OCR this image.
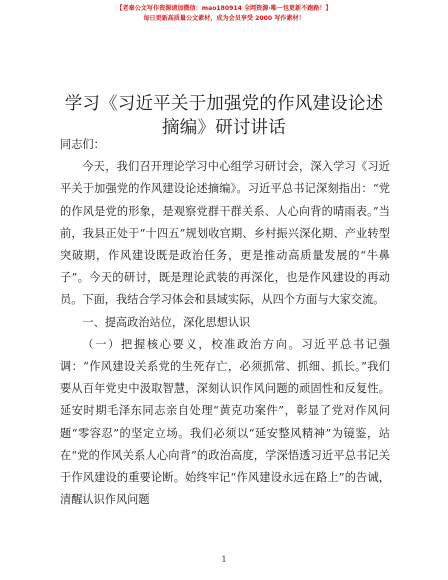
【老秦公文写作资源请加微信：mao180914 全网资源·唯一包更新不跑路！】
每日更新高质量公文素材，成为会员享受 2000 写作素材！
学习《习近平关于加强党的作风建设论述摘编》研讨讲话

同志们：

今天，我们召开理论学习中心组学习研讨会，深入学习《习近平关于加强党的作风建设论述摘编》。习近平总书记深刻指出：“党的作风是党的形象，是观察党群干群关系、人心向背的晴雨表。”当前，我县正处于“十四五”规划收官期、乡村振兴深化期、产业转型突破期，作风建设既是政治任务，更是推动高质量发展的“牛鼻子”。今天的研讨，既是理论武装的再深化，也是作风建设的再动员。下面，我结合学习体会和县域实际，从四个方面与大家交流。

一、提高政治站位，深化思想认识

（一）把握核心要义，校准政治方向。习近平总书记强调：“作风建设关系党的生死存亡，必须抓常、抓细、抓长。”我们要从百年党史中汲取智慧，深刻认识作风问题的顽固性和反复性。延安时期毛泽东同志亲自处理“黄克功案件”，彰显了党对作风问题“零容忍”的坚定立场。我们必须以“延安整风精神”为镜鉴，站在“党的作风关系人心向背”的政治高度，学深悟透习近平总书记关于作风建设的重要论断。始终牢记“作风建设永远在路上”的告诫，清醒认识作风问题

1
